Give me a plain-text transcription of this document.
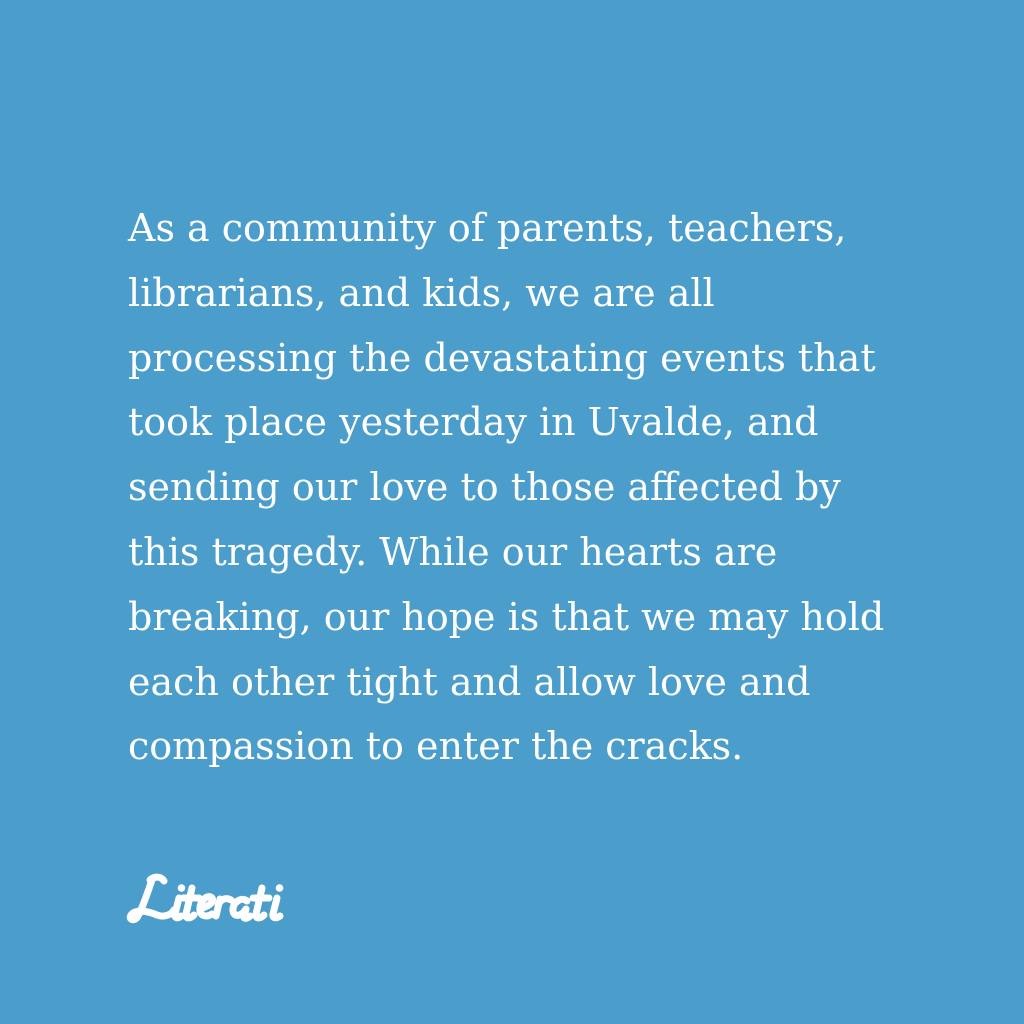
As a community of parents, teachers,
librarians, and kids, we are all
processing the devastating events that
took place yesterday in Uvalde, and
sending our love to those affected by
this tragedy. While our hearts are
breaking, our hope is that we may hold
each other tight and allow love and
compassion to enter the cracks.
